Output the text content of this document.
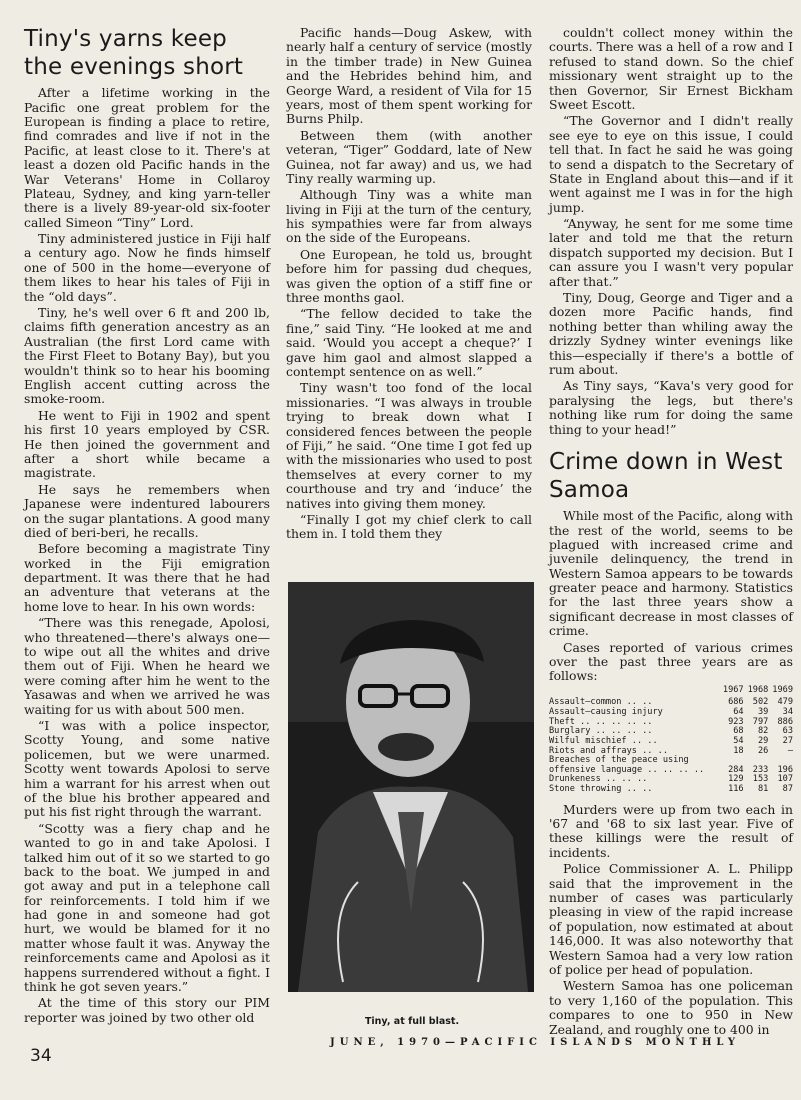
Tiny's yarns keep the evenings short

After a lifetime working in the Pacific one great problem for the European is finding a place to retire, find comrades and live if not in the Pacific, at least close to it. There's at least a dozen old Pacific hands in the War Veterans' Home in Collaroy Plateau, Sydney, and king yarn-teller there is a lively 89-year-old six-footer called Simeon “Tiny” Lord.

Tiny administered justice in Fiji half a century ago. Now he finds himself one of 500 in the home—everyone of them likes to hear his tales of Fiji in the “old days”.

Tiny, he's well over 6 ft and 200 lb, claims fifth generation ancestry as an Australian (the first Lord came with the First Fleet to Botany Bay), but you wouldn't think so to hear his booming English accent cutting across the smoke-room.

He went to Fiji in 1902 and spent his first 10 years employed by CSR. He then joined the government and after a short while became a magistrate.

He says he remembers when Japanese were indentured labourers on the sugar plantations. A good many died of beri-beri, he recalls.

Before becoming a magistrate Tiny worked in the Fiji emigration department. It was there that he had an adventure that veterans at the home love to hear. In his own words:

“There was this renegade, Apolosi, who threatened—there's always one—to wipe out all the whites and drive them out of Fiji. When he heard we were coming after him he went to the Yasawas and when we arrived he was waiting for us with about 500 men.

“I was with a police inspector, Scotty Young, and some native policemen, but we were unarmed. Scotty went towards Apolosi to serve him a warrant for his arrest when out of the blue his brother appeared and put his fist right through the warrant.

“Scotty was a fiery chap and he wanted to go in and take Apolosi. I talked him out of it so we started to go back to the boat. We jumped in and got away and put in a telephone call for reinforcements. I told him if we had gone in and someone had got hurt, we would be blamed for it no matter whose fault it was. Anyway the reinforcements came and Apolosi as it happens surrendered without a fight. I think he got seven years.”

At the time of this story our PIM reporter was joined by two other old

Pacific hands—Doug Askew, with nearly half a century of service (mostly in the timber trade) in New Guinea and the Hebrides behind him, and George Ward, a resident of Vila for 15 years, most of them spent working for Burns Philp.

Between them (with another veteran, “Tiger” Goddard, late of New Guinea, not far away) and us, we had Tiny really warming up.

Although Tiny was a white man living in Fiji at the turn of the century, his sympathies were far from always on the side of the Europeans.

One European, he told us, brought before him for passing dud cheques, was given the option of a stiff fine or three months gaol.

“The fellow decided to take the fine,” said Tiny. “He looked at me and said. ‘Would you accept a cheque?’ I gave him gaol and almost slapped a contempt sentence on as well.”

Tiny wasn't too fond of the local missionaries. “I was always in trouble trying to break down what I considered fences between the people of Fiji,” he said. “One time I got fed up with the missionaries who used to post themselves at every corner to my courthouse and try and ‘induce’ the natives into giving them money.

“Finally I got my chief clerk to call them in. I told them they

Tiny, at full blast.

couldn't collect money within the courts. There was a hell of a row and I refused to stand down. So the chief missionary went straight up to the then Governor, Sir Ernest Bickham Sweet Escott.

“The Governor and I didn't really see eye to eye on this issue, I could tell that. In fact he said he was going to send a dispatch to the Secretary of State in England about this—and if it went against me I was in for the high jump.

“Anyway, he sent for me some time later and told me that the return dispatch supported my decision. But I can assure you I wasn't very popular after that.”

Tiny, Doug, George and Tiger and a dozen more Pacific hands, find nothing better than whiling away the drizzly Sydney winter evenings like this—especially if there's a bottle of rum about.

As Tiny says, “Kava's very good for paralysing the legs, but there's nothing like rum for doing the same thing to your head!”

Crime down in West Samoa

While most of the Pacific, along with the rest of the world, seems to be plagued with increased crime and juvenile delinquency, the trend in Western Samoa appears to be towards greater peace and harmony. Statistics for the last three years show a significant decrease in most classes of crime.

Cases reported of various crimes over the past three years are as follows:

	1967	1968	1969
Assault—common .. ..	686	502	479
Assault—causing injury	64	39	34
Theft .. .. .. .. ..	923	797	886
Burglary .. .. .. ..	68	82	63
Wilful mischief .. ..	54	29	27
Riots and affrays .. ..	18	26	—
Breaches of the peace using offensive language .. .. .. ..	284	233	196
Drunkeness .. .. ..	129	153	107
Stone throwing .. ..	116	81	87

Murders were up from two each in '67 and '68 to six last year. Five of these killings were the result of incidents.

Police Commissioner A. L. Philipp said that the improvement in the number of cases was particularly pleasing in view of the rapid increase of population, now estimated at about 146,000. It was also noteworthy that Western Samoa had a very low ration of police per head of population.

Western Samoa has one policeman to very 1,160 of the population. This compares to one to 950 in New Zealand, and roughly one to 400 in

34
JUNE, 1970—PACIFIC ISLANDS MONTHLY
